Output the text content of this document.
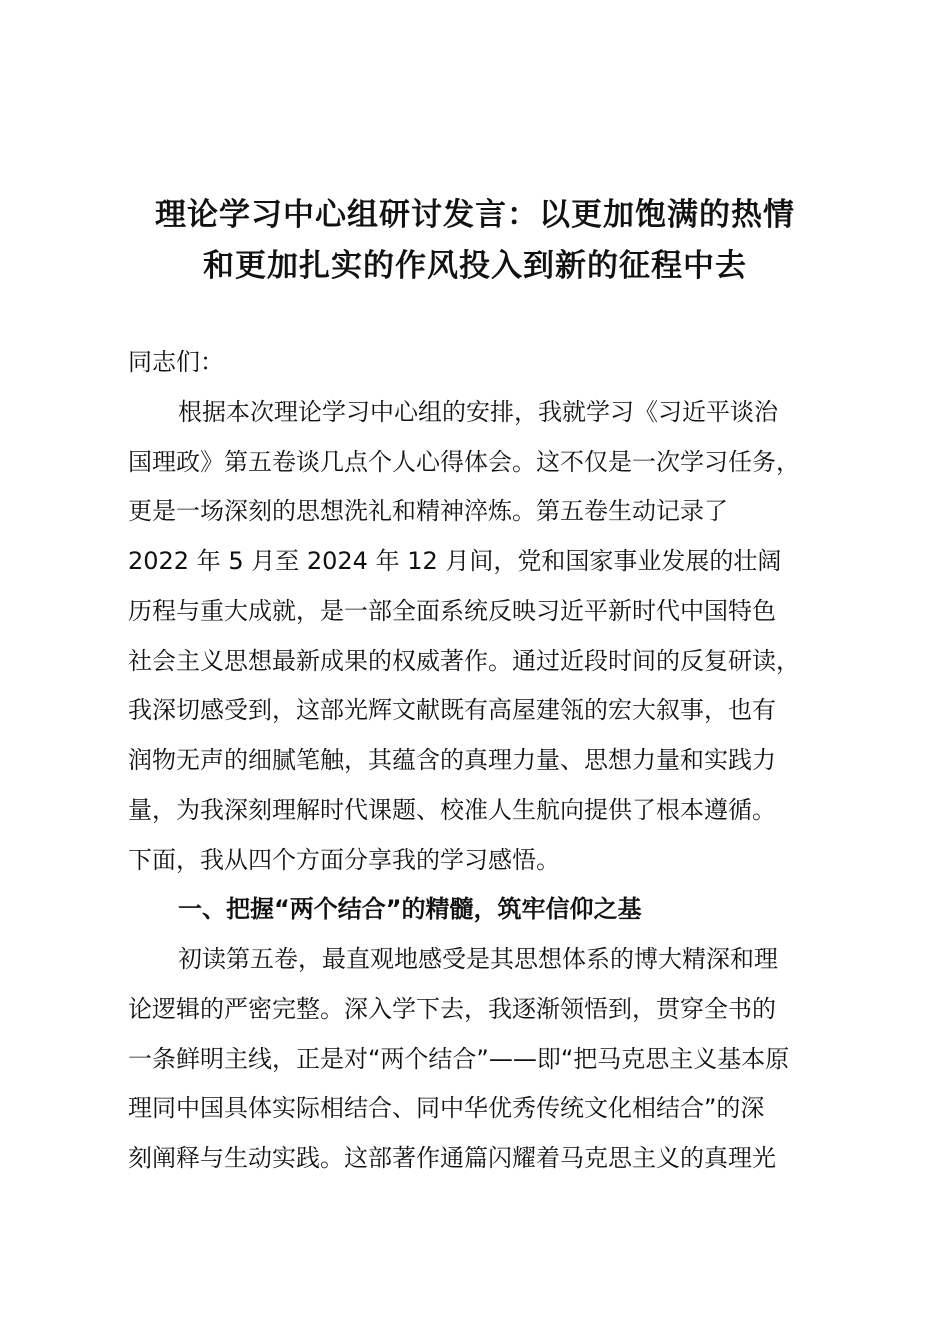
理论学习中心组研讨发言：以更加饱满的热情
和更加扎实的作风投入到新的征程中去
同志们：
根据本次理论学习中心组的安排，我就学习《习近平谈治
国理政》第五卷谈几点个人心得体会。这不仅是一次学习任务，
更是一场深刻的思想洗礼和精神淬炼。第五卷生动记录了
2022 年 5 月至 2024 年 12 月间，党和国家事业发展的壮阔
历程与重大成就，是一部全面系统反映习近平新时代中国特色
社会主义思想最新成果的权威著作。通过近段时间的反复研读，
我深切感受到，这部光辉文献既有高屋建瓴的宏大叙事，也有
润物无声的细腻笔触，其蕴含的真理力量、思想力量和实践力
量，为我深刻理解时代课题、校准人生航向提供了根本遵循。
下面，我从四个方面分享我的学习感悟。
一、把握“两个结合”的精髓，筑牢信仰之基
初读第五卷，最直观地感受是其思想体系的博大精深和理
论逻辑的严密完整。深入学下去，我逐渐领悟到，贯穿全书的
一条鲜明主线，正是对“两个结合”——即“把马克思主义基本原
理同中国具体实际相结合、同中华优秀传统文化相结合”的深
刻阐释与生动实践。这部著作通篇闪耀着马克思主义的真理光
